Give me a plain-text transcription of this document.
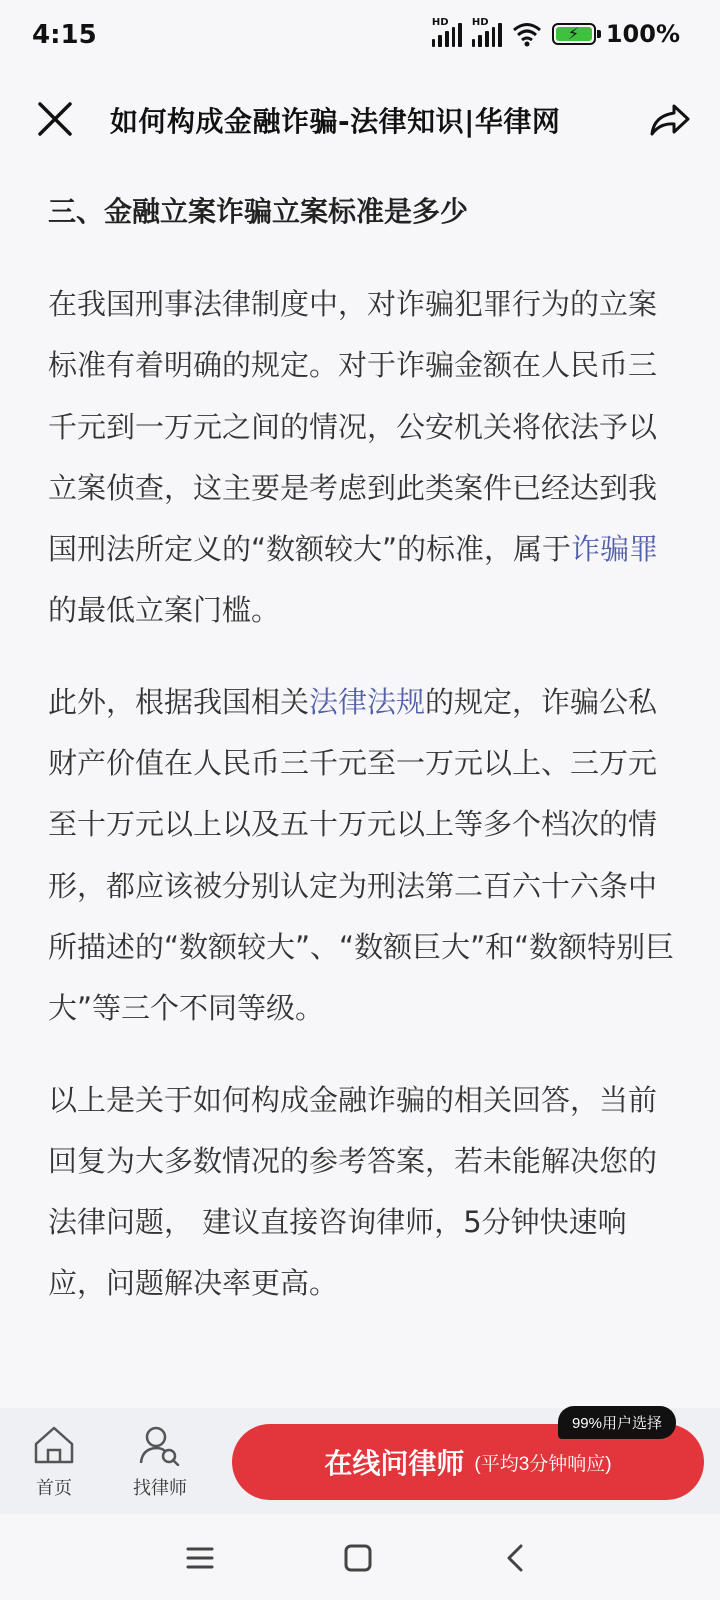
4:15	HD HD
⚡ 100%
如何构成金融诈骗-法律知识|华律网
三、金融立案诈骗立案标准是多少

在我国刑事法律制度中，对诈骗犯罪行为的立案标准有着明确的规定。对于诈骗金额在人民币三千元到一万元之间的情况，公安机关将依法予以立案侦查，这主要是考虑到此类案件已经达到我国刑法所定义的“数额较大”的标准，属于诈骗罪的最低立案门槛。

此外，根据我国相关法律法规的规定，诈骗公私财产价值在人民币三千元至一万元以上、三万元至十万元以上以及五十万元以上等多个档次的情形，都应该被分别认定为刑法第二百六十六条中所描述的“数额较大”、“数额巨大”和“数额特别巨大”等三个不同等级。

以上是关于如何构成金融诈骗的相关回答，当前回复为大多数情况的参考答案，若未能解决您的法律问题， 建议直接咨询律师，5分钟快速响应，问题解决率更高。

首页	找律师
在线问律师 (平均3分钟响应)
99%用户选择
